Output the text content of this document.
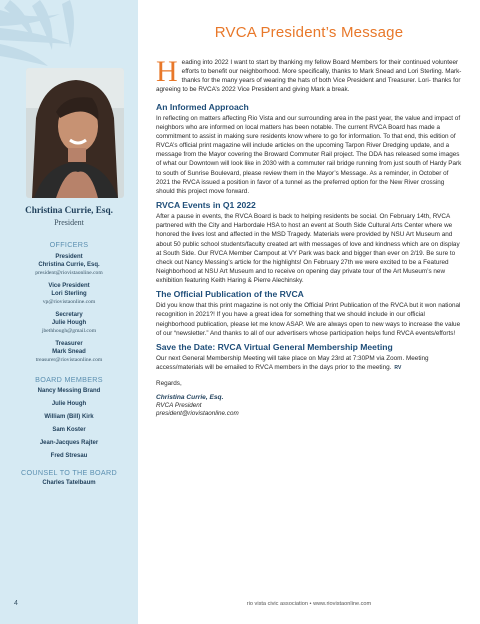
Christina Currie, Esq.
President
OFFICERS
President
Christina Currie, Esq.
president@riovistaonline.com
Vice President
Lori Sterling
vp@riovistaonline.com
Secretary
Julie Hough
jbethhough@gmail.com
Treasurer
Mark Snead
treasurer@riovistaonline.com
BOARD MEMBERS
Nancy Messing Brand
Julie Hough
William (Bill) Kirk
Sam Koster
Jean-Jacques Rajter
Fred Stresau
COUNSEL TO THE BOARD
Charles Tatelbaum
RVCA President’s Message

Heading into 2022 I want to start by thanking my fellow Board Members for their continued volunteer efforts to benefit our neighborhood. More specifically, thanks to Mark Snead and Lori Sterling. Mark- thanks for the many years of wearing the hats of both Vice President and Treasurer. Lori- thanks for agreeing to be RVCA’s 2022 Vice President and giving Mark a break.

An Informed Approach

In reflecting on matters affecting Rio Vista and our surrounding area in the past year, the value and impact of neighbors who are informed on local matters has been notable. The current RVCA Board has made a commitment to assist in making sure residents know where to go for information. To that end, this edition of RVCA’s official print magazine will include articles on the upcoming Tarpon River Dredging update, and a message from the Mayor covering the Broward Commuter Rail project. The DDA has released some images of what our Downtown will look like in 2030 with a commuter rail bridge running from just south of Hardy Park to south of Sunrise Boulevard, please review them in the Mayor’s Message. As a reminder, in October of 2021 the RVCA issued a position in favor of a tunnel as the preferred option for the New River crossing should this project move forward.

RVCA Events in Q1 2022

After a pause in events, the RVCA Board is back to helping residents be social. On February 14th, RVCA partnered with the City and Harbordale HSA to host an event at South Side Cultural Arts Center where we honored the lives lost and affected in the MSD Tragedy. Materials were provided by NSU Art Museum and about 50 public school students/faculty created art with messages of love and kindness which are on display at South Side. Our RVCA Member Campout at VY Park was back and bigger than ever on 2/19. Be sure to check out Nancy Messing’s article for the highlights! On February 27th we were excited to be a Featured Neighborhood at NSU Art Museum and to receive on opening day private tour of the Art Museum’s new exhibition featuring Keith Haring & Pierre Alechinsky.

The Official Publication of the RVCA

Did you know that this print magazine is not only the Official Print Publication of the RVCA but it won national recognition in 2021?! If you have a great idea for something that we should include in our official neighborhood publication, please let me know ASAP. We are always open to new ways to increase the value of our “newsletter.” And thanks to all of our advertisers whose participation helps fund RVCA events/efforts!

Save the Date: RVCA Virtual General Membership Meeting

Our next General Membership Meeting will take place on May 23rd at 7:30PM via Zoom. Meeting access/materials will be emailed to RVCA members in the days prior to the meeting. RV

Regards,
Christina Currie, Esq.
RVCA President
president@riovistaonline.com
4	rio vista civic association • www.riovistaonline.com
